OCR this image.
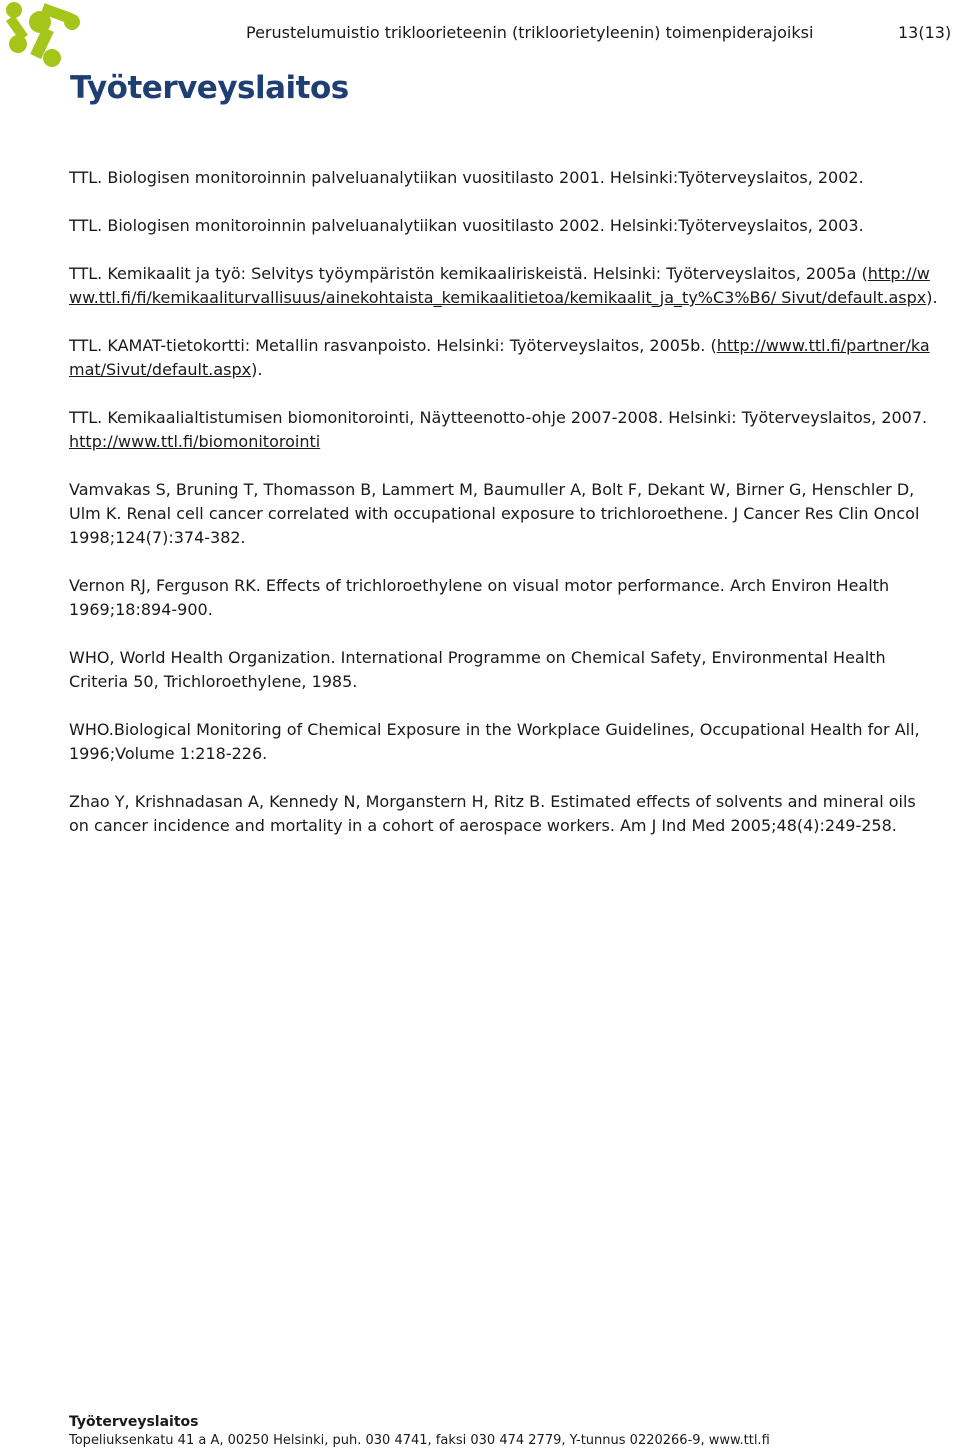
Työterveyslaitos
Perustelumuistio trikloorieteenin (trikloorietyleenin) toimenpiderajoiksi	13(13)

TTL. Biologisen monitoroinnin palveluanalytiikan vuositilasto 2001. Helsinki:Työterveyslaitos, 2002.

TTL. Biologisen monitoroinnin palveluanalytiikan vuositilasto 2002. Helsinki:Työterveyslaitos, 2003.

TTL. Kemikaalit ja työ: Selvitys työympäristön kemikaaliriskeistä. Helsinki: Työterveyslaitos, 2005a (http://www.ttl.fi/fi/kemikaaliturvallisuus/ainekohtaista_kemikaalitietoa/kemikaalit_ja_ty%C3%B6/ Sivut/default.aspx).

TTL. KAMAT-tietokortti: Metallin rasvanpoisto. Helsinki: Työterveyslaitos, 2005b. (http://www.ttl.fi/partner/kamat/Sivut/default.aspx).

TTL. Kemikaalialtistumisen biomonitorointi, Näytteenotto-ohje 2007-2008. Helsinki: Työterveyslaitos, 2007. http://www.ttl.fi/biomonitorointi

Vamvakas S, Bruning T, Thomasson B, Lammert M, Baumuller A, Bolt F, Dekant W, Birner G, Henschler D, Ulm K. Renal cell cancer correlated with occupational exposure to trichloroethene. J Cancer Res Clin Oncol 1998;124(7):374-382.

Vernon RJ, Ferguson RK. Effects of trichloroethylene on visual motor performance. Arch Environ Health 1969;18:894-900.

WHO, World Health Organization. International Programme on Chemical Safety, Environmental Health Criteria 50, Trichloroethylene, 1985.

WHO.Biological Monitoring of Chemical Exposure in the Workplace Guidelines, Occupational Health for All, 1996;Volume 1:218-226.

Zhao Y, Krishnadasan A, Kennedy N, Morganstern H, Ritz B. Estimated effects of solvents and mineral oils on cancer incidence and mortality in a cohort of aerospace workers. Am J Ind Med 2005;48(4):249-258.

Työterveyslaitos
Topeliuksenkatu 41 a A, 00250 Helsinki, puh. 030 4741, faksi 030 474 2779, Y-tunnus 0220266-9, www.ttl.fi
